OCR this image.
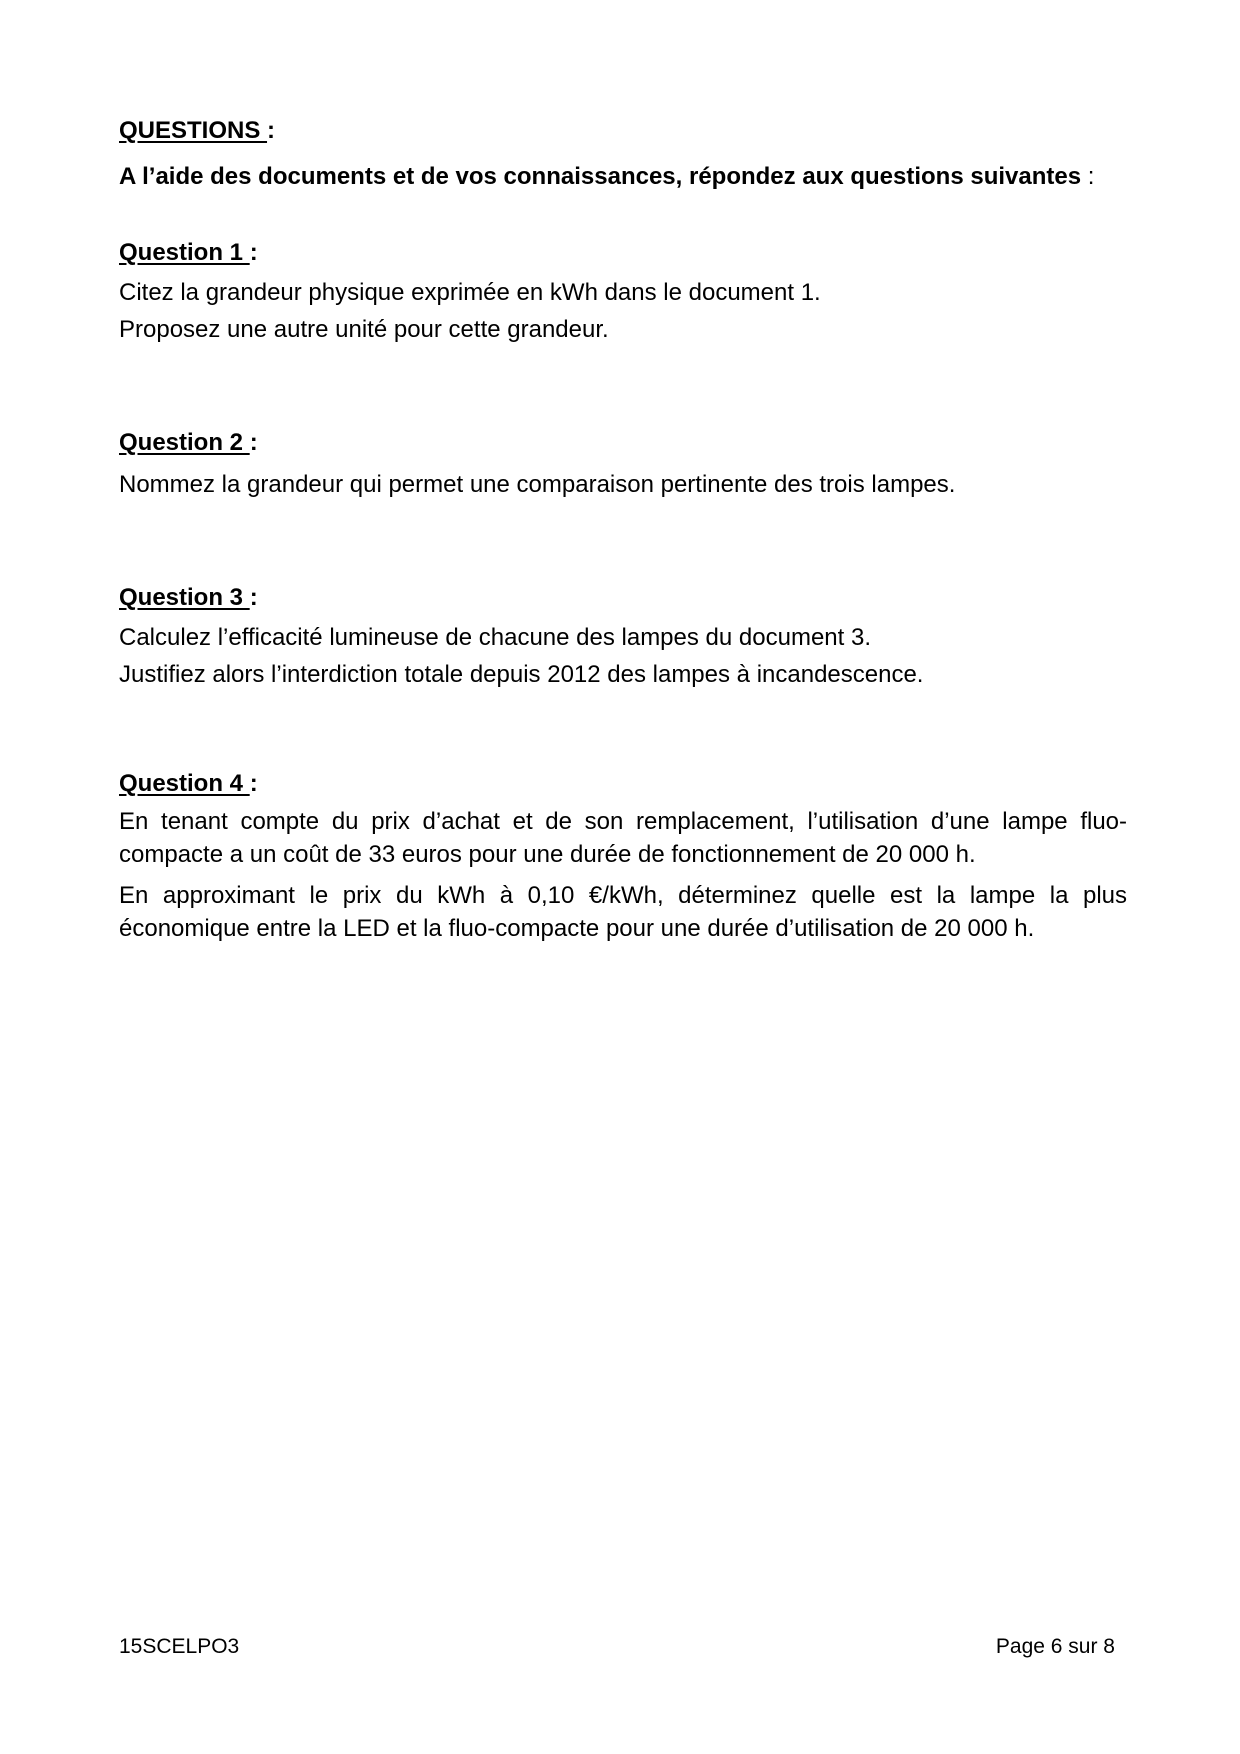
QUESTIONS :

A l’aide des documents et de vos connaissances, répondez aux questions suivantes :

Question 1 :

Citez la grandeur physique exprimée en kWh dans le document 1.

Proposez une autre unité pour cette grandeur.

Question 2 :

Nommez la grandeur qui permet une comparaison pertinente des trois lampes.

Question 3 :

Calculez l’efficacité lumineuse de chacune des lampes du document 3.

Justifiez alors l’interdiction totale depuis 2012 des lampes à incandescence.

Question 4 :

En tenant compte du prix d’achat et de son remplacement, l’utilisation d’une lampe fluo-compacte a un coût de 33 euros pour une durée de fonctionnement de 20 000 h.

En approximant le prix du kWh à 0,10 €/kWh, déterminez quelle est la lampe la plus économique entre la LED et la fluo-compacte pour une durée d’utilisation de 20 000 h.

15SCELPO3	Page 6 sur 8
